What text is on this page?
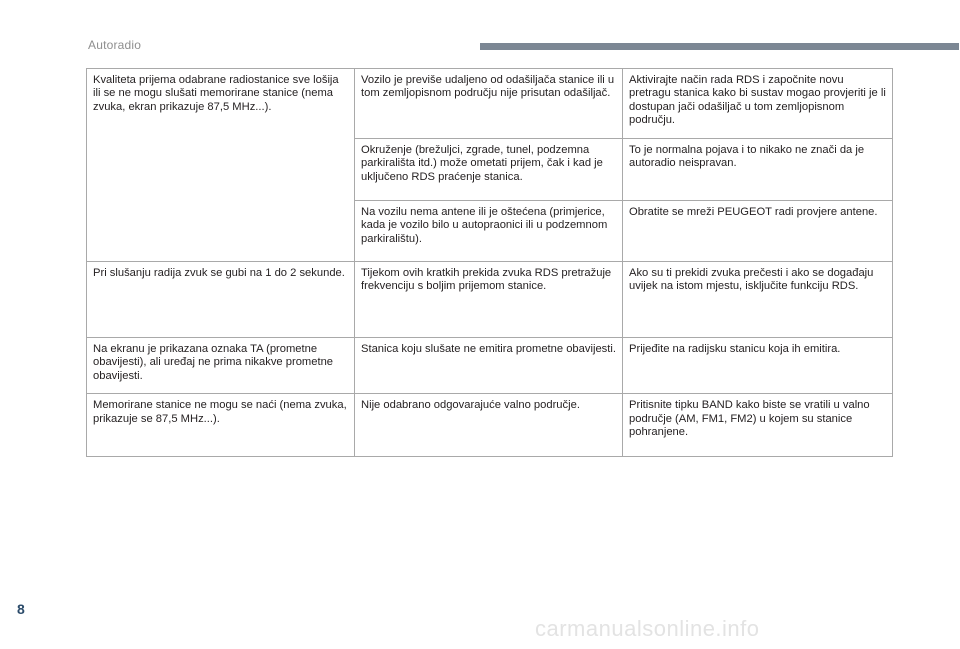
Autoradio
Kvaliteta prijema odabrane radiostanice sve lošija ili se ne mogu slušati memorirane stanice (nema zvuka, ekran prikazuje 87,5 MHz...).	Vozilo je previše udaljeno od odašiljača stanice ili u tom zemljopisnom području nije prisutan odašiljač.	Aktivirajte način rada RDS i započnite novu pretragu stanica kako bi sustav mogao provjeriti je li dostupan jači odašiljač u tom zemljopisnom području.
	Okruženje (brežuljci, zgrade, tunel, podzemna parkirališta itd.) može ometati prijem, čak i kad je uključeno RDS praćenje stanica.	To je normalna pojava i to nikako ne znači da je autoradio neispravan.
	Na vozilu nema antene ili je oštećena (primjerice, kada je vozilo bilo u autopraonici ili u podzemnom parkiralištu).	Obratite se mreži PEUGEOT radi provjere antene.
Pri slušanju radija zvuk se gubi na 1 do 2 sekunde.	Tijekom ovih kratkih prekida zvuka RDS pretražuje frekvenciju s boljim prijemom stanice.	Ako su ti prekidi zvuka prečesti i ako se događaju uvijek na istom mjestu, isključite funkciju RDS.
Na ekranu je prikazana oznaka TA (prometne obavijesti), ali uređaj ne prima nikakve prometne obavijesti.	Stanica koju slušate ne emitira prometne obavijesti.	Prijeđite na radijsku stanicu koja ih emitira.
Memorirane stanice ne mogu se naći (nema zvuka, prikazuje se 87,5 MHz...).	Nije odabrano odgovarajuće valno područje.	Pritisnite tipku BAND kako biste se vratili u valno područje (AM, FM1, FM2) u kojem su stanice pohranjene.
8
carmanualsonline.info
